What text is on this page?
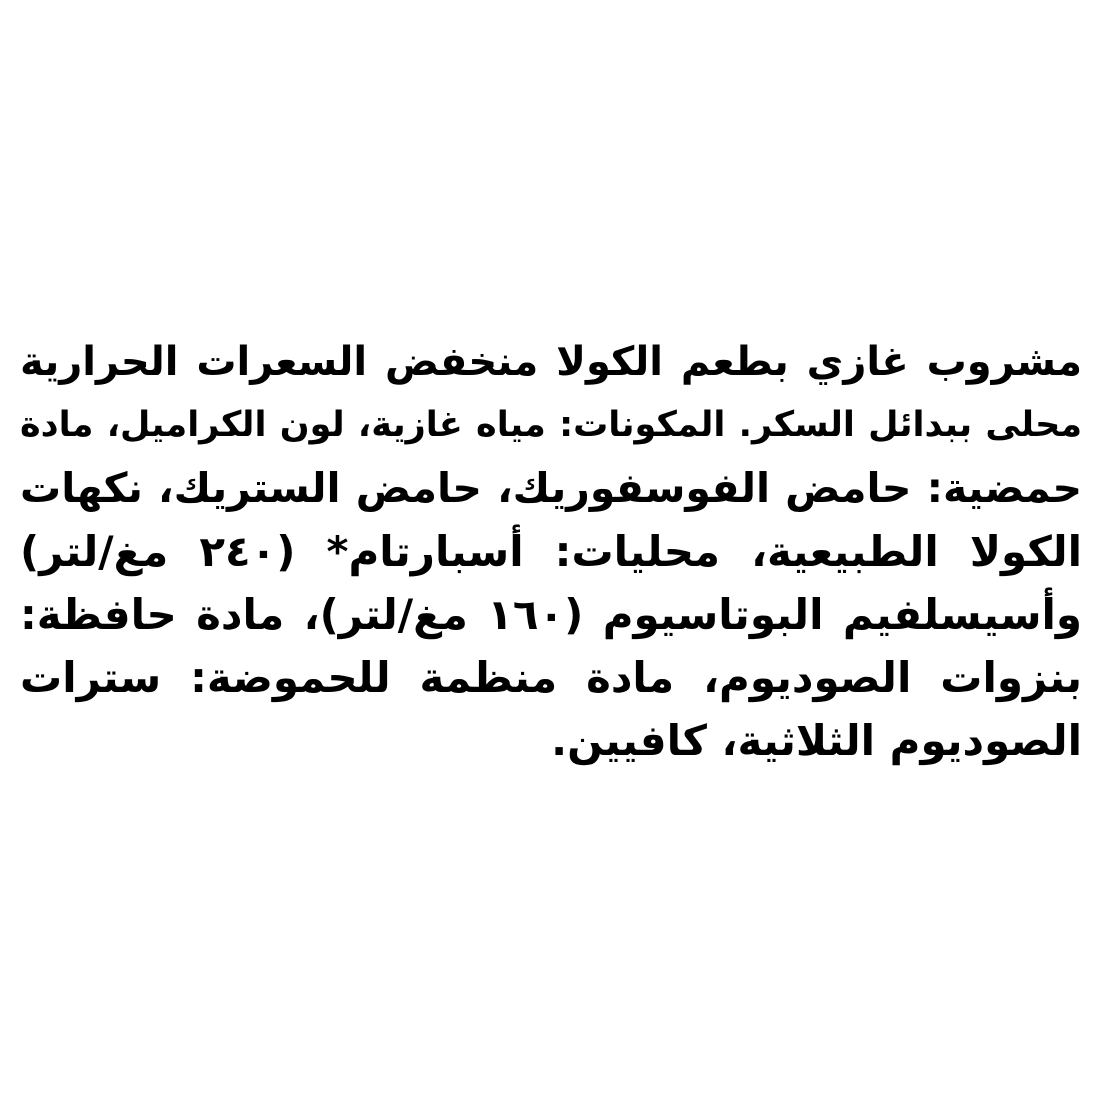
مشروب غازي بطعم الكولا منخفض السعرات الحرارية
محلى ببدائل السكر. المكونات: مياه غازية، لون الكراميل، مادة
حمضية: حامض الفوسفوريك، حامض الستريك، نكهات
الكولا الطبيعية، محليات: أسبارتام* (٢٤٠ مغ/لتر)
وأسيسلفيم البوتاسيوم (١٦٠ مغ/لتر)، مادة حافظة:
بنزوات الصوديوم، مادة منظمة للحموضة: سترات
الصوديوم الثلاثية، كافيين.
